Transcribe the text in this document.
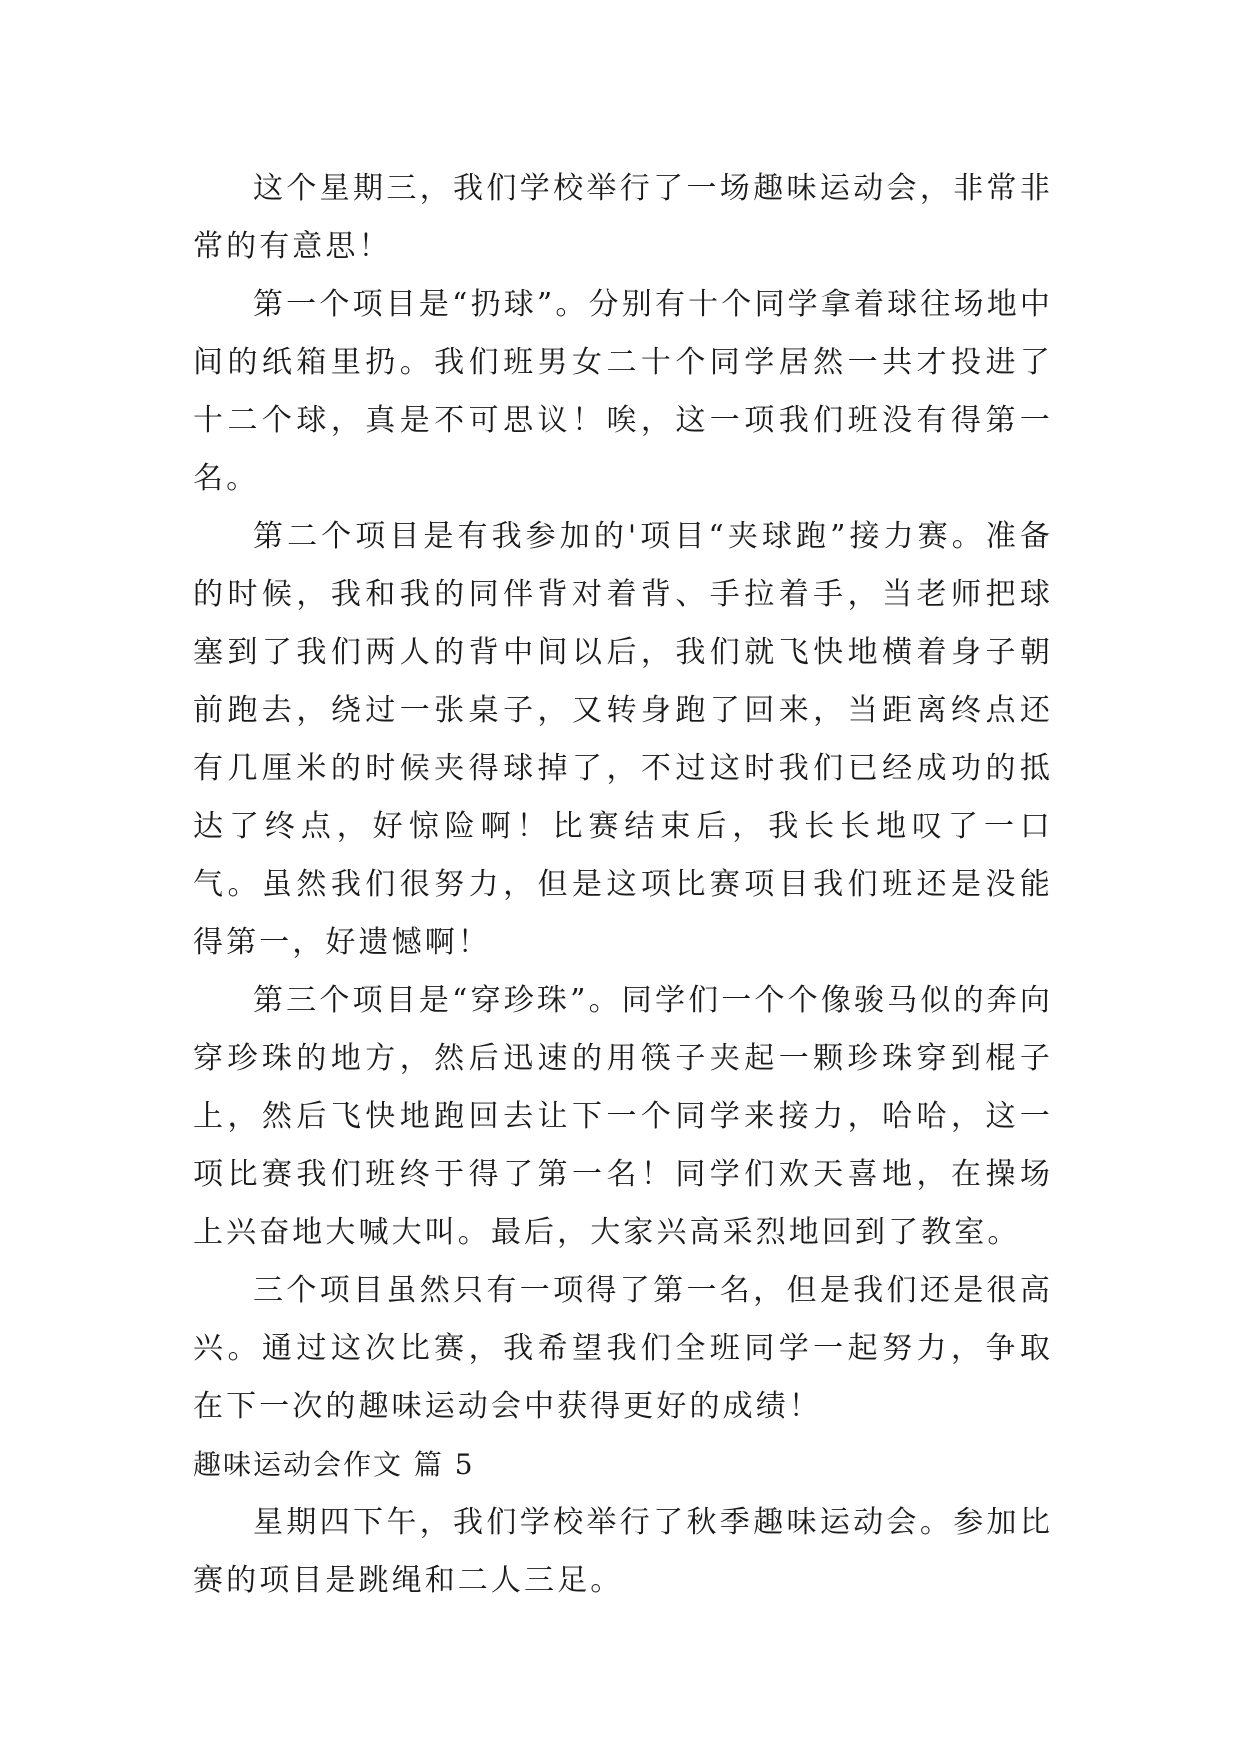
这个星期三，我们学校举行了一场趣味运动会，非常非常的有意思！

第一个项目是“扔球”。分别有十个同学拿着球往场地中间的纸箱里扔。我们班男女二十个同学居然一共才投进了十二个球，真是不可思议！唉，这一项我们班没有得第一名。

第二个项目是有我参加的'项目“夹球跑”接力赛。准备的时候，我和我的同伴背对着背、手拉着手，当老师把球塞到了我们两人的背中间以后，我们就飞快地横着身子朝前跑去，绕过一张桌子，又转身跑了回来，当距离终点还有几厘米的时候夹得球掉了，不过这时我们已经成功的抵达了终点，好惊险啊！比赛结束后，我长长地叹了一口气。虽然我们很努力，但是这项比赛项目我们班还是没能得第一，好遗憾啊！

第三个项目是“穿珍珠”。同学们一个个像骏马似的奔向穿珍珠的地方，然后迅速的用筷子夹起一颗珍珠穿到棍子上，然后飞快地跑回去让下一个同学来接力，哈哈，这一项比赛我们班终于得了第一名！同学们欢天喜地，在操场上兴奋地大喊大叫。最后，大家兴高采烈地回到了教室。

三个项目虽然只有一项得了第一名，但是我们还是很高兴。通过这次比赛，我希望我们全班同学一起努力，争取在下一次的趣味运动会中获得更好的成绩！

趣味运动会作文 篇 5

星期四下午，我们学校举行了秋季趣味运动会。参加比赛的项目是跳绳和二人三足。
